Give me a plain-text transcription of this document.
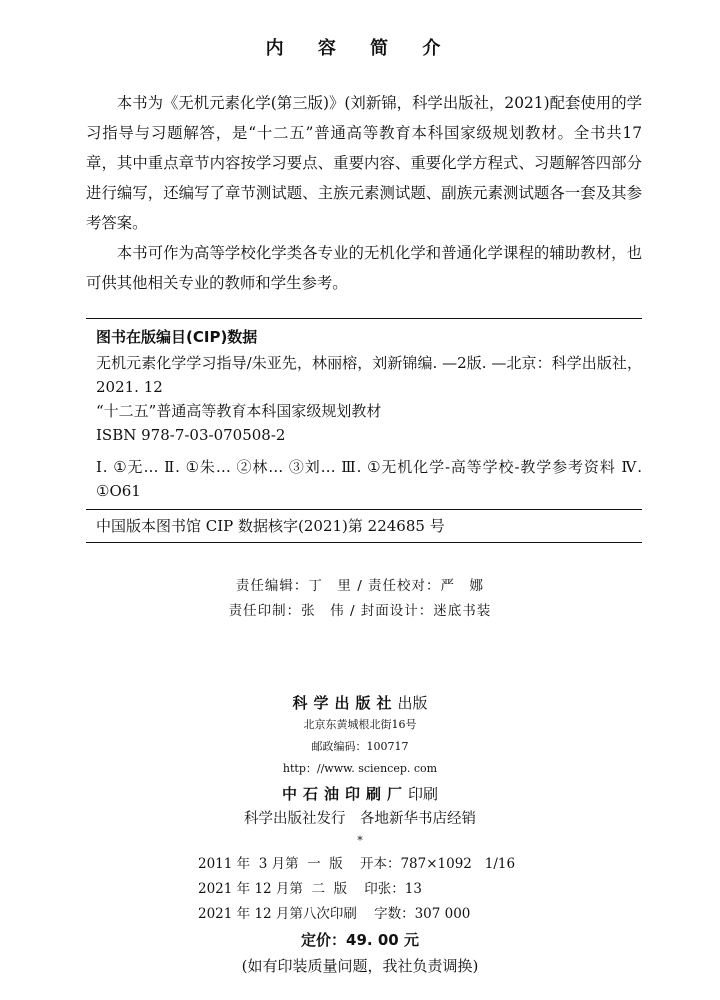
内 容 简 介

本书为《无机元素化学(第三版)》(刘新锦，科学出版社，2021)配套使用的学习指导与习题解答，是“十二五”普通高等教育本科国家级规划教材。全书共17章，其中重点章节内容按学习要点、重要内容、重要化学方程式、习题解答四部分进行编写，还编写了章节测试题、主族元素测试题、副族元素测试题各一套及其参考答案。

本书可作为高等学校化学类各专业的无机化学和普通化学课程的辅助教材，也可供其他相关专业的教师和学生参考。

图书在版编目(CIP)数据
无机元素化学学习指导/朱亚先，林丽榕，刘新锦编. —2版. —北京：科学出版社，2021. 12
“十二五”普通高等教育本科国家级规划教材
ISBN 978-7-03-070508-2
Ⅰ. ①无… Ⅱ. ①朱… ②林… ③刘… Ⅲ. ①无机化学-高等学校-教学参考资料 Ⅳ. ①O61
中国版本图书馆 CIP 数据核字(2021)第 224685 号
责任编辑：丁　里 / 责任校对：严　娜
责任印制：张　伟 / 封面设计：迷底书装
科学出版社出版
北京东黄城根北街16号
邮政编码：100717
http：//www. sciencep. com
中石油印刷厂印刷
科学出版社发行　各地新华书店经销
*
2011 年  3 月第  一  版    开本：787×1092   1/16
2021 年 12 月第  二  版    印张：13
2021 年 12 月第八次印刷    字数：307 000
定价：49. 00 元
(如有印装质量问题，我社负责调换)
